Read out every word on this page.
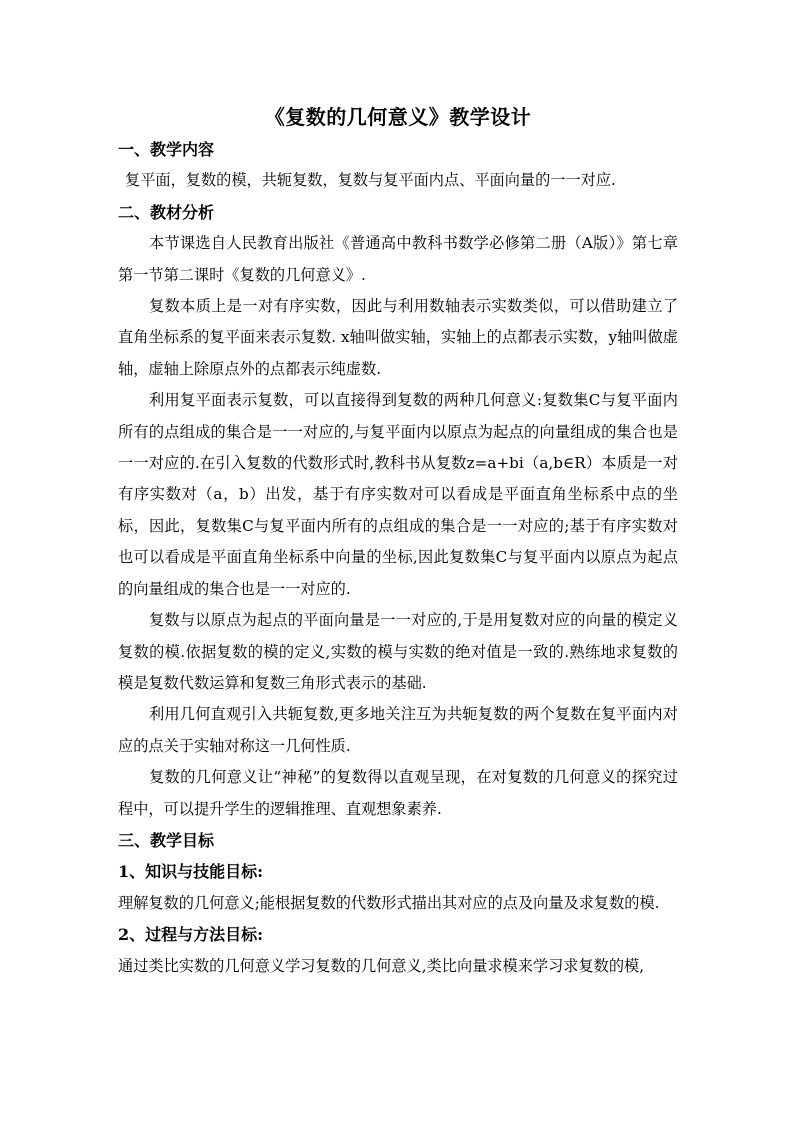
《复数的几何意义》教学设计
一、教学内容
复平面，复数的模，共轭复数，复数与复平面内点、平面向量的一一对应.
二、教材分析
本节课选自人民教育出版社《普通高中教科书数学必修第二册（A版）》第七章第一节第二课时《复数的几何意义》.
复数本质上是一对有序实数，因此与利用数轴表示实数类似，可以借助建立了直角坐标系的复平面来表示复数. x轴叫做实轴，实轴上的点都表示实数，y轴叫做虚轴，虚轴上除原点外的点都表示纯虚数.
利用复平面表示复数，可以直接得到复数的两种几何意义:复数集C与复平面内所有的点组成的集合是一一对应的,与复平面内以原点为起点的向量组成的集合也是一一对应的.在引入复数的代数形式时,教科书从复数z=a+bi（a,b∈R）本质是一对有序实数对（a，b）出发，基于有序实数对可以看成是平面直角坐标系中点的坐标，因此，复数集C与复平面内所有的点组成的集合是一一对应的;基于有序实数对也可以看成是平面直角坐标系中向量的坐标,因此复数集C与复平面内以原点为起点的向量组成的集合也是一一对应的.
复数与以原点为起点的平面向量是一一对应的,于是用复数对应的向量的模定义复数的模.依据复数的模的定义,实数的模与实数的绝对值是一致的.熟练地求复数的模是复数代数运算和复数三角形式表示的基础.
利用几何直观引入共轭复数,更多地关注互为共轭复数的两个复数在复平面内对应的点关于实轴对称这一几何性质.
复数的几何意义让“神秘”的复数得以直观呈现，在对复数的几何意义的探究过程中，可以提升学生的逻辑推理、直观想象素养.
三、教学目标
1、知识与技能目标:
理解复数的几何意义;能根据复数的代数形式描出其对应的点及向量及求复数的模.
2、过程与方法目标:
通过类比实数的几何意义学习复数的几何意义,类比向量求模来学习求复数的模,
